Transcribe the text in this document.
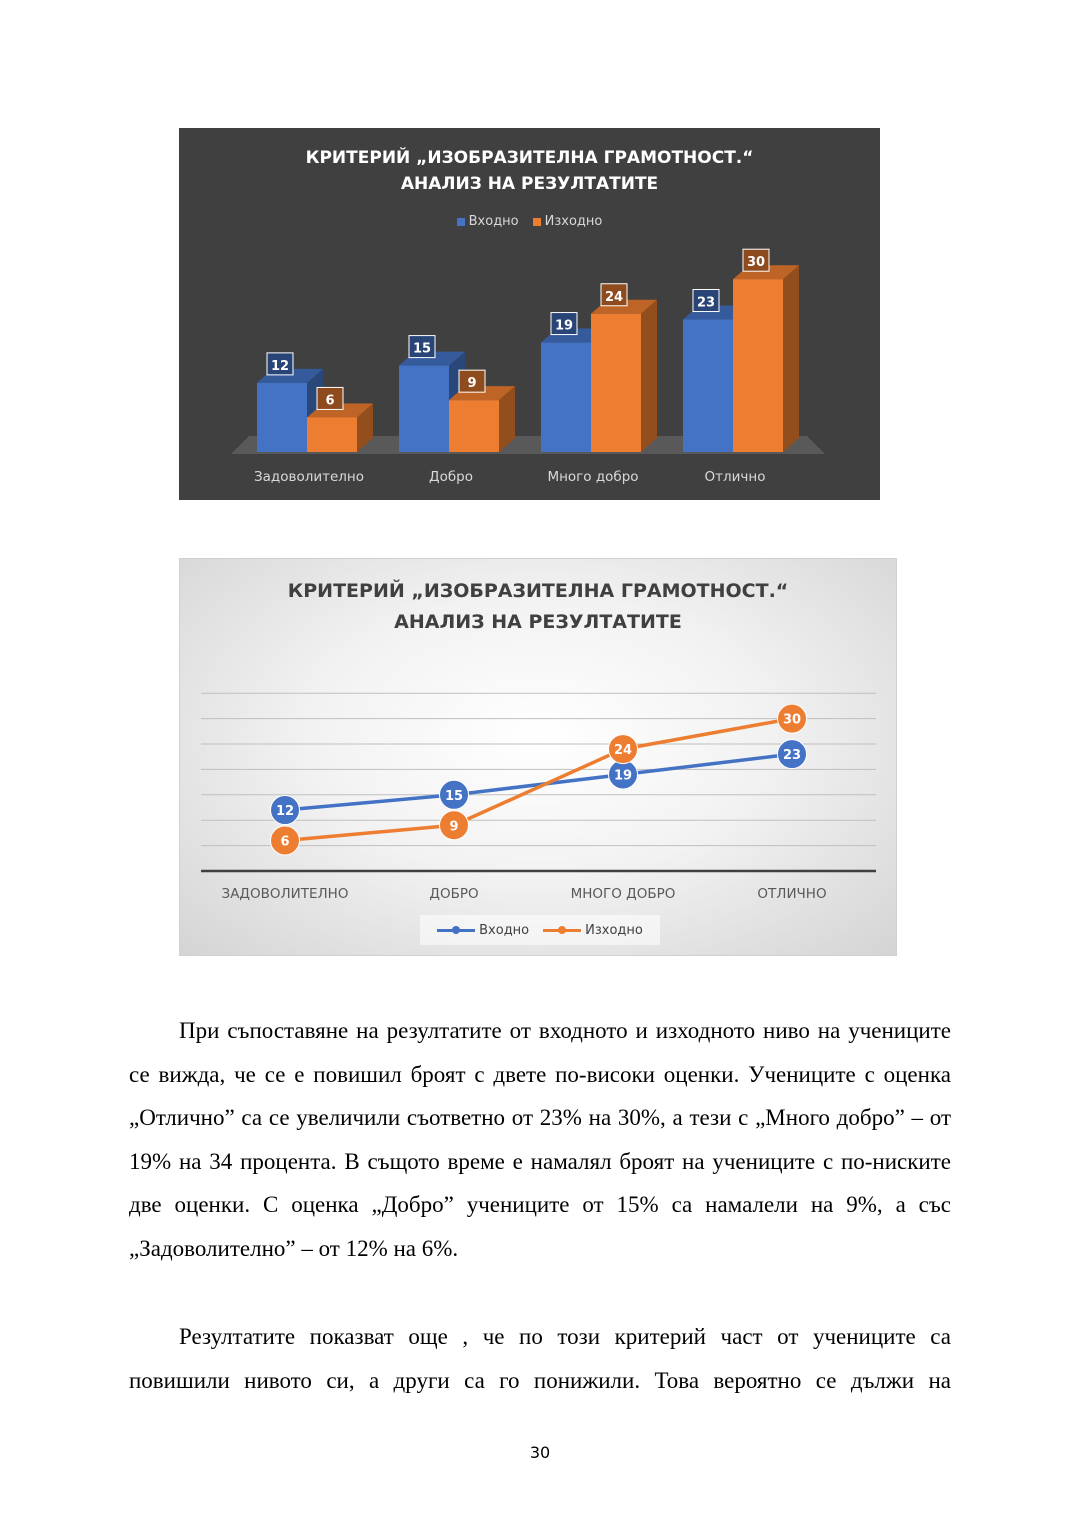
12
6
Задоволително
15
9
Добро
19
24
Много добро
23
30
Отлично
КРИТЕРИЙ „ИЗОБРАЗИТЕЛНА ГРАМОТНОСТ.“
АНАЛИЗ НА РЕЗУЛТАТИТЕ
Входно Изходно
12
15
19
23
6
9
24
30
ЗАДОВОЛИТЕЛНО	ДОБРО	МНОГО ДОБРО	ОТЛИЧНО
КРИТЕРИЙ „ИЗОБРАЗИТЕЛНА ГРАМОТНОСТ.“
АНАЛИЗ НА РЕЗУЛТАТИТЕ
Входно	Изходно

При съпоставяне на резултатите от входното и изходното ниво на учениците се вижда, че се е повишил броят с двете по-високи оценки. Учениците с оценка „Отлично” са се увеличили съответно от 23% на 30%, а тези с „Много добро” – от 19% на 34 процента. В същото време е намалял броят на учениците с по-ниските две оценки. С оценка „Добро” учениците от 15% са намалели на 9%, а със „Задоволително” – от 12% на 6%.

Резултатите показват още , че по този критерий част от учениците са повишили нивото си, а други са го понижили. Това вероятно се дължи на

30
